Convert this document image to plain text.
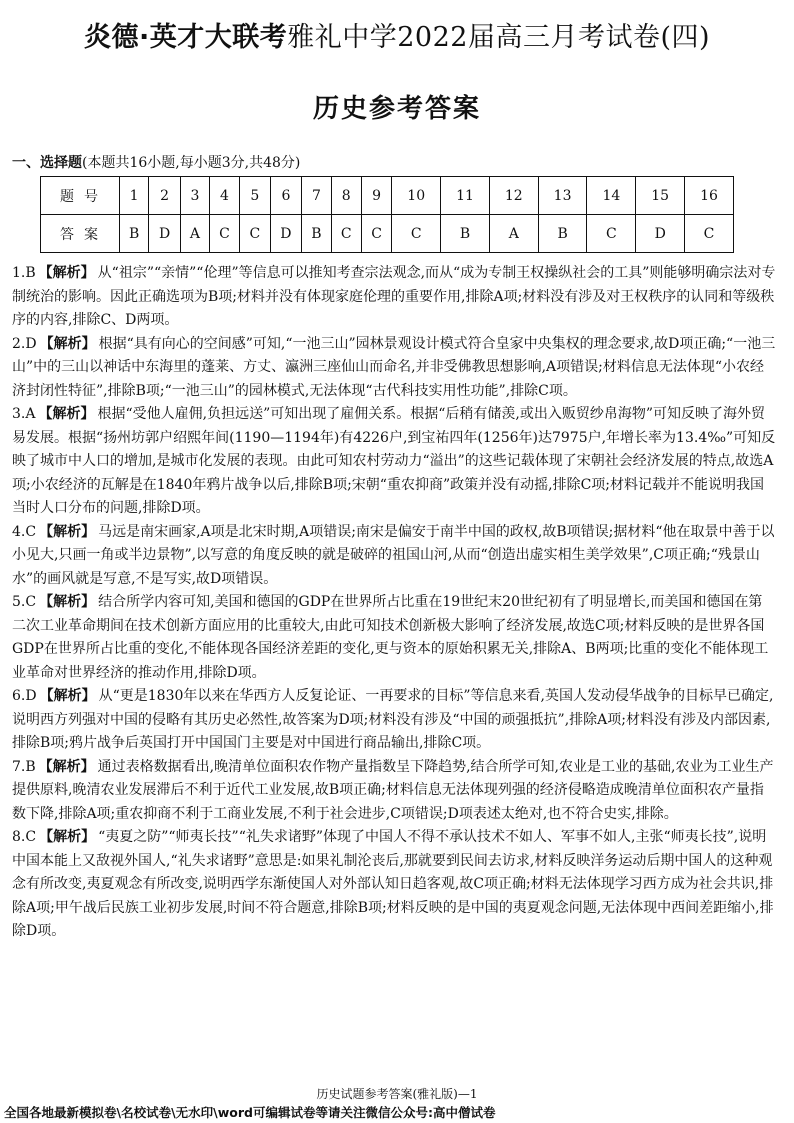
炎德·英才大联考雅礼中学2022届高三月考试卷(四)
历史参考答案
一、选择题(本题共16小题,每小题3分,共48分)
题号	1	2	3	4	5	6	7	8	9	10	11	12	13	14	15	16
答案	B	D	A	C	C	D	B	C	C	C	B	A	B	C	D	C
1.B 【解析】 从“祖宗”“亲情”“伦理”等信息可以推知考查宗法观念,而从“成为专制王权操纵社会的工具”则能够明确宗法对专制统治的影响。因此正确选项为B项;材料并没有体现家庭伦理的重要作用,排除A项;材料没有涉及对王权秩序的认同和等级秩序的内容,排除C、D两项。
2.D 【解析】 根据“具有向心的空间感”可知,“一池三山”园林景观设计模式符合皇家中央集权的理念要求,故D项正确;“一池三山”中的三山以神话中东海里的蓬莱、方丈、瀛洲三座仙山而命名,并非受佛教思想影响,A项错误;材料信息无法体现“小农经济封闭性特征”,排除B项;“一池三山”的园林模式,无法体现“古代科技实用性功能”,排除C项。
3.A 【解析】 根据“受他人雇佣,负担远送”可知出现了雇佣关系。根据“后稍有储羡,或出入贩贸纱帛海物”可知反映了海外贸易发展。根据“扬州坊郭户绍熙年间(1190—1194年)有4226户,到宝祐四年(1256年)达7975户,年增长率为13.4‰”可知反映了城市中人口的增加,是城市化发展的表现。由此可知农村劳动力“溢出”的这些记载体现了宋朝社会经济发展的特点,故选A项;小农经济的瓦解是在1840年鸦片战争以后,排除B项;宋朝“重农抑商”政策并没有动摇,排除C项;材料记载并不能说明我国当时人口分布的问题,排除D项。
4.C 【解析】 马远是南宋画家,A项是北宋时期,A项错误;南宋是偏安于南半中国的政权,故B项错误;据材料“他在取景中善于以小见大,只画一角或半边景物”,以写意的角度反映的就是破碎的祖国山河,从而“创造出虚实相生美学效果”,C项正确;“残景山水”的画风就是写意,不是写实,故D项错误。
5.C 【解析】 结合所学内容可知,美国和德国的GDP在世界所占比重在19世纪末20世纪初有了明显增长,而美国和德国在第二次工业革命期间在技术创新方面应用的比重较大,由此可知技术创新极大影响了经济发展,故选C项;材料反映的是世界各国GDP在世界所占比重的变化,不能体现各国经济差距的变化,更与资本的原始积累无关,排除A、B两项;比重的变化不能体现工业革命对世界经济的推动作用,排除D项。
6.D 【解析】 从“更是1830年以来在华西方人反复论证、一再要求的目标”等信息来看,英国人发动侵华战争的目标早已确定,说明西方列强对中国的侵略有其历史必然性,故答案为D项;材料没有涉及“中国的顽强抵抗”,排除A项;材料没有涉及内部因素,排除B项;鸦片战争后英国打开中国国门主要是对中国进行商品输出,排除C项。
7.B 【解析】 通过表格数据看出,晚清单位面积农作物产量指数呈下降趋势,结合所学可知,农业是工业的基础,农业为工业生产提供原料,晚清农业发展滞后不利于近代工业发展,故B项正确;材料信息无法体现列强的经济侵略造成晚清单位面积农产量指数下降,排除A项;重农抑商不利于工商业发展,不利于社会进步,C项错误;D项表述太绝对,也不符合史实,排除。
8.C 【解析】 “夷夏之防”“师夷长技”“礼失求诸野”体现了中国人不得不承认技术不如人、军事不如人,主张“师夷长技”,说明中国本能上又敌视外国人,“礼失求诸野”意思是:如果礼制沦丧后,那就要到民间去访求,材料反映洋务运动后期中国人的这种观念有所改变,夷夏观念有所改变,说明西学东渐使国人对外部认知日趋客观,故C项正确;材料无法体现学习西方成为社会共识,排除A项;甲午战后民族工业初步发展,时间不符合题意,排除B项;材料反映的是中国的夷夏观念问题,无法体现中西间差距缩小,排除D项。
历史试题参考答案(雅礼版)—1
全国各地最新模拟卷\名校试卷\无水印\word可编辑试卷等请关注微信公众号:高中僧试卷
